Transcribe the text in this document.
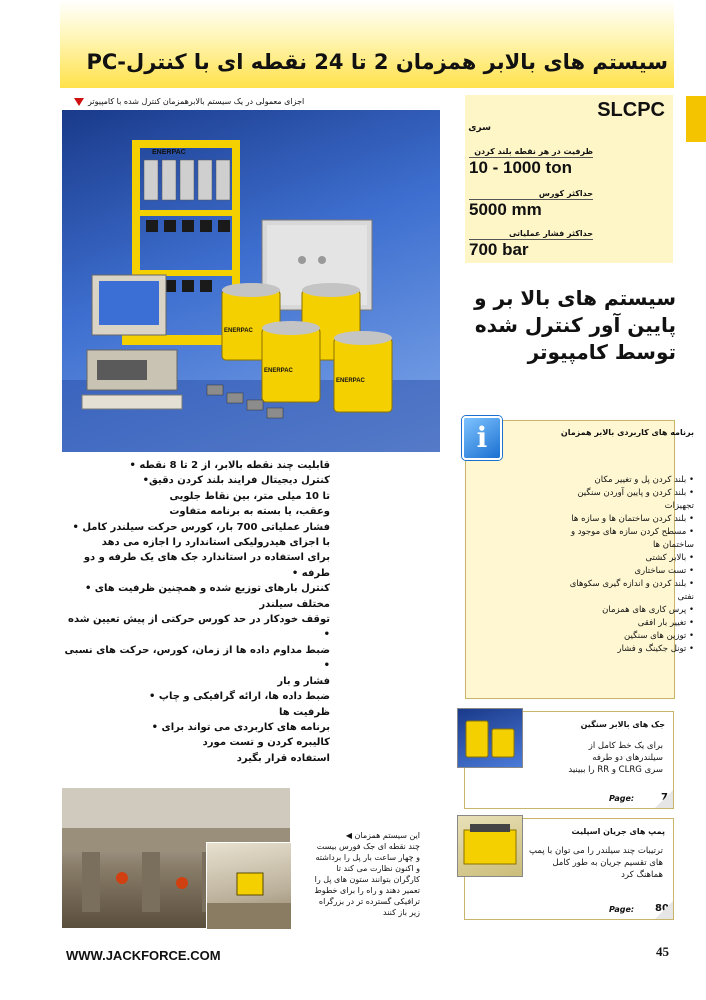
سیستم های بالابر همزمان 2 تا 24 نقطه ای با کنترل-PC
اجزای معمولی در یک سیستم بالابرهمزمان کنترل شده با کامپیوتر
ENERPAC
ENERPAC
ENERPAC
ENERPAC
SLCPC
سری
ظرفیت در هر نقطه بلند کردن
10 - 1000 ton
حداکثر کورس
5000 mm
حداکثر فشار عملیاتی
700 bar
سیستم های بالا بر و
پایین آور کنترل شده
توسط کامپیوتر
i	برنامه های کاربردی بالابر همزمان
• بلند کردن پل و تغییر مکان
• بلند کردن و پایین آوردن سنگین
تجهیزات
• بلند کردن ساختمان ها و سازه ها
• مسطح کردن سازه های موجود و
ساختمان ها
• بالابر کشتی
• تست ساختاری
• بلند کردن و اندازه گیری سکوهای
نفتی
• پرس کاری های همزمان
• تغییر بار افقی
• توزین های سنگین
• تونل جکینگ و فشار
قابلیت چند نقطه بالابر، از 2 تا 8 نقطه •
کنترل دیجیتال فرایند بلند کردن دقیق•
تا 10 میلی متر، بین نقاط جلویی
وعقب، یا بسته به برنامه متفاوت
فشار عملیاتی 700 بار، کورس حرکت سیلندر کامل •
با اجزای هیدرولیکی استاندارد را اجازه می دهد
برای استفاده در استاندارد جک های یک طرفه و دو طرفه •
کنترل بارهای توزیع شده و همچنین ظرفیت های •
مختلف سیلندر
توقف خودکار در حد کورس حرکتی از پیش تعیین شده •
ضبط مداوم داده ها از زمان، کورس، حرکت های نسبی •
فشار و بار
ضبط داده ها، ارائه گرافیکی و چاپ •
ظرفیت ها
برنامه های کاربردی می تواند برای •
کالیبره کردن و تست مورد
استفاده قرار بگیرد
جک های بالابر سنگین
برای یک خط کامل از
سیلندرهای دو طرفه
سری CLRG و RR را ببینید
Page:	7
پمپ های جریان اسپلیت
ترتیبات چند سیلندر را می توان با پمپ
های تقسیم جریان به طور کامل
هماهنگ کرد
Page: 80
این سیستم همزمان ◀
چند نقطه ای جک فورس بیست
و چهار ساعت بار پل را برداشته
و اکنون نظارت می کند تا
کارگران بتوانند ستون های پل را
تعمیر دهند و راه را برای خطوط
ترافیکی گسترده تر در بزرگراه
زیر باز کنند
WWW.JACKFORCE.COM	45
